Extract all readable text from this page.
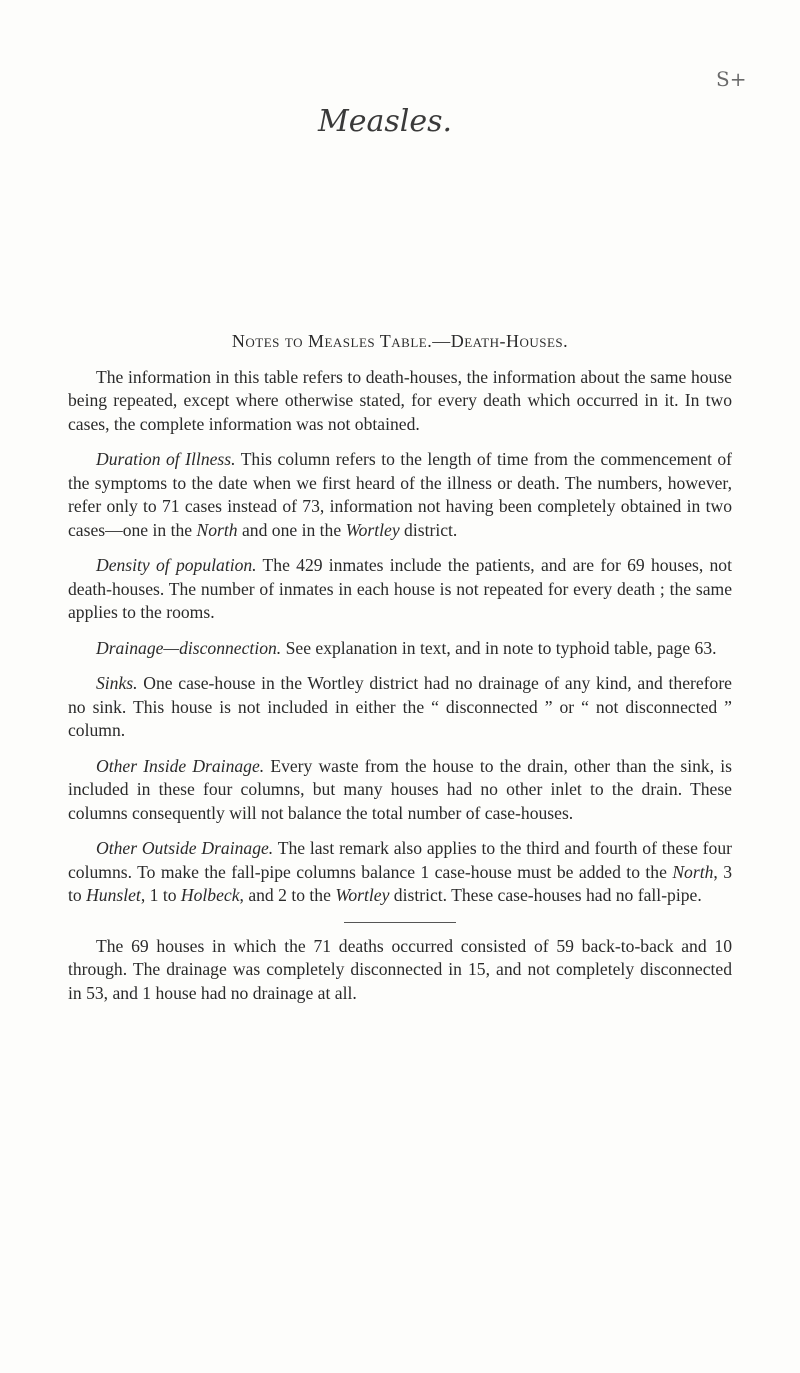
Measles.
S+

Notes to Measles Table.—Death-Houses.

The information in this table refers to death-houses, the information about the same house being repeated, except where otherwise stated, for every death which occurred in it. In two cases, the complete information was not obtained.

Duration of Illness. This column refers to the length of time from the commencement of the symptoms to the date when we first heard of the illness or death. The numbers, however, refer only to 71 cases instead of 73, information not having been completely obtained in two cases—one in the North and one in the Wortley district.

Density of population. The 429 inmates include the patients, and are for 69 houses, not death-houses. The number of inmates in each house is not repeated for every death ; the same applies to the rooms.

Drainage—disconnection. See explanation in text, and in note to typhoid table, page 63.

Sinks. One case-house in the Wortley district had no drainage of any kind, and therefore no sink. This house is not included in either the “ disconnected ” or “ not disconnected ” column.

Other Inside Drainage. Every waste from the house to the drain, other than the sink, is included in these four columns, but many houses had no other inlet to the drain. These columns consequently will not balance the total number of case-houses.

Other Outside Drainage. The last remark also applies to the third and fourth of these four columns. To make the fall-pipe columns balance 1 case-house must be added to the North, 3 to Hunslet, 1 to Holbeck, and 2 to the Wortley district. These case-houses had no fall-pipe.

The 69 houses in which the 71 deaths occurred consisted of 59 back-to-back and 10 through. The drainage was completely disconnected in 15, and not completely disconnected in 53, and 1 house had no drainage at all.
